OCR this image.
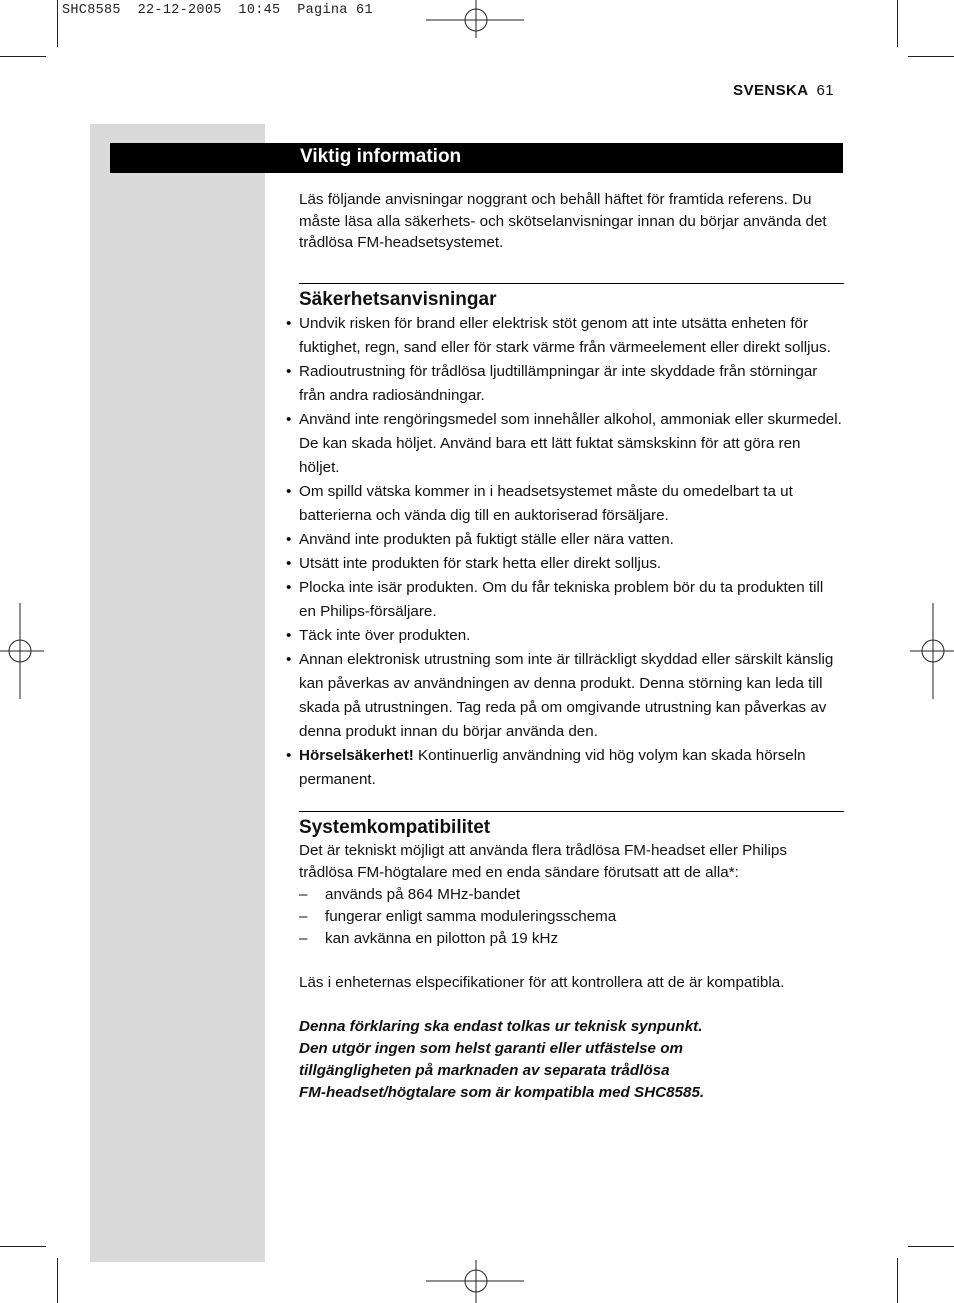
SHC8585  22-12-2005  10:45  Pagina 61
SVENSKA 61
Viktig information

Läs följande anvisningar noggrant och behåll häftet för framtida referens. Du måste läsa alla säkerhets- och skötselanvisningar innan du börjar använda det trådlösa FM-headsetsystemet.

Säkerhetsanvisningar
• Undvik risken för brand eller elektrisk stöt genom att inte utsätta enheten för fuktighet, regn, sand eller för stark värme från värmeelement eller direkt solljus.
• Radioutrustning för trådlösa ljudtillämpningar är inte skyddade från störningar från andra radiosändningar.
• Använd inte rengöringsmedel som innehåller alkohol, ammoniak eller skurmedel. De kan skada höljet. Använd bara ett lätt fuktat sämskskinn för att göra ren höljet.
• Om spilld vätska kommer in i headsetsystemet måste du omedelbart ta ut batterierna och vända dig till en auktoriserad försäljare.
• Använd inte produkten på fuktigt ställe eller nära vatten.
• Utsätt inte produkten för stark hetta eller direkt solljus.
• Plocka inte isär produkten. Om du får tekniska problem bör du ta produkten till en Philips-försäljare.
• Täck inte över produkten.
• Annan elektronisk utrustning som inte är tillräckligt skyddad eller särskilt känslig kan påverkas av användningen av denna produkt. Denna störning kan leda till skada på utrustningen. Tag reda på om omgivande utrustning kan påverkas av denna produkt innan du börjar använda den.
• Hörselsäkerhet! Kontinuerlig användning vid hög volym kan skada hörseln permanent.
Systemkompatibilitet

Det är tekniskt möjligt att använda flera trådlösa FM-headset eller Philips trådlösa FM-högtalare med en enda sändare förutsatt att de alla*:

– används på 864 MHz-bandet
– fungerar enligt samma moduleringsschema
– kan avkänna en pilotton på 19 kHz

Läs i enheternas elspecifikationer för att kontrollera att de är kompatibla.

Denna förklaring ska endast tolkas ur teknisk synpunkt.

Den utgör ingen som helst garanti eller utfästelse om

tillgängligheten på marknaden av separata trådlösa

FM-headset/högtalare som är kompatibla med SHC8585.
